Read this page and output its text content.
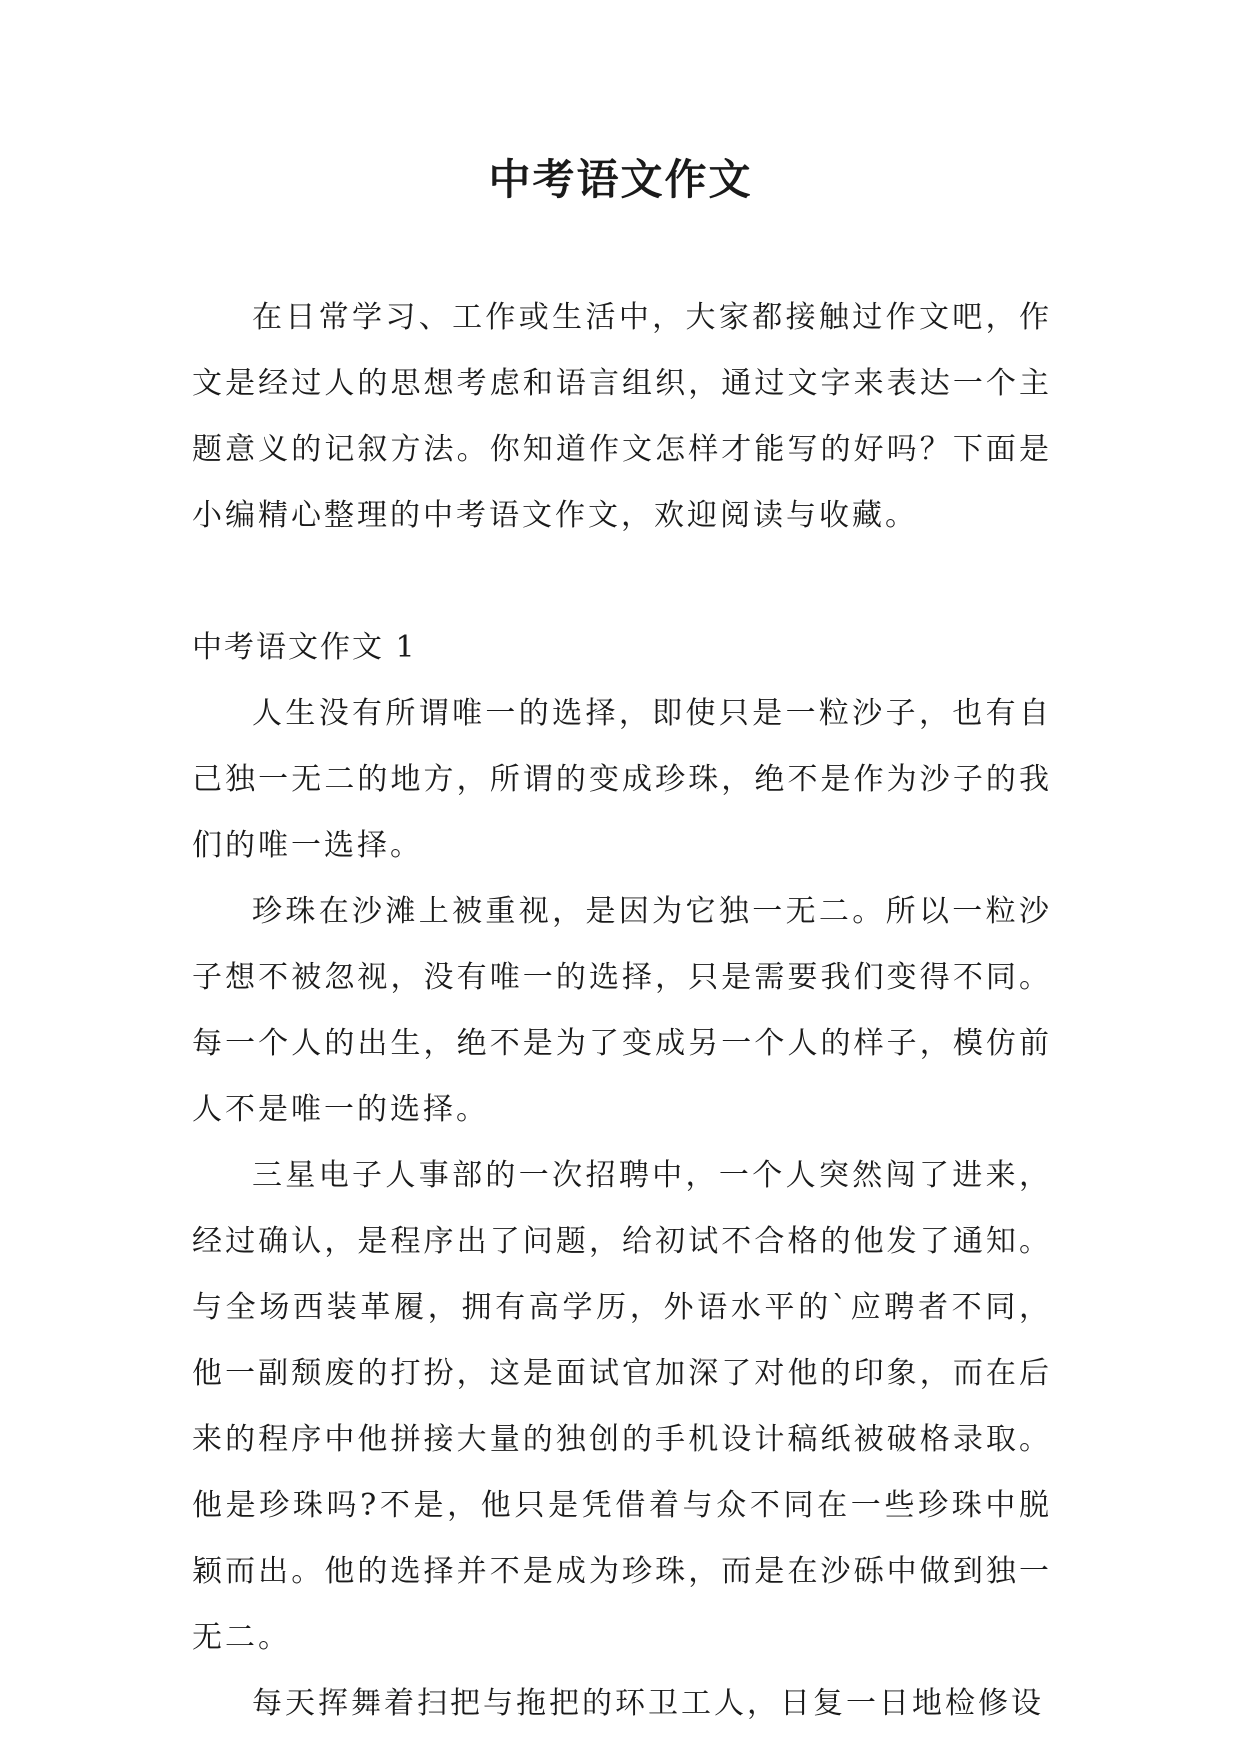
中考语文作文

在日常学习、工作或生活中，大家都接触过作文吧，作文是经过人的思想考虑和语言组织，通过文字来表达一个主题意义的记叙方法。你知道作文怎样才能写的好吗？下面是小编精心整理的中考语文作文，欢迎阅读与收藏。

中考语文作文 1

人生没有所谓唯一的选择，即使只是一粒沙子，也有自己独一无二的地方，所谓的变成珍珠，绝不是作为沙子的我们的唯一选择。

珍珠在沙滩上被重视，是因为它独一无二。所以一粒沙子想不被忽视，没有唯一的选择，只是需要我们变得不同。每一个人的出生，绝不是为了变成另一个人的样子，模仿前人不是唯一的选择。

三星电子人事部的一次招聘中，一个人突然闯了进来，经过确认，是程序出了问题，给初试不合格的他发了通知。与全场西装革履，拥有高学历，外语水平的`应聘者不同，他一副颓废的打扮，这是面试官加深了对他的印象，而在后来的程序中他拼接大量的独创的手机设计稿纸被破格录取。他是珍珠吗?不是，他只是凭借着与众不同在一些珍珠中脱颖而出。他的选择并不是成为珍珠，而是在沙砾中做到独一无二。

每天挥舞着扫把与拖把的环卫工人，日复一日地检修设
